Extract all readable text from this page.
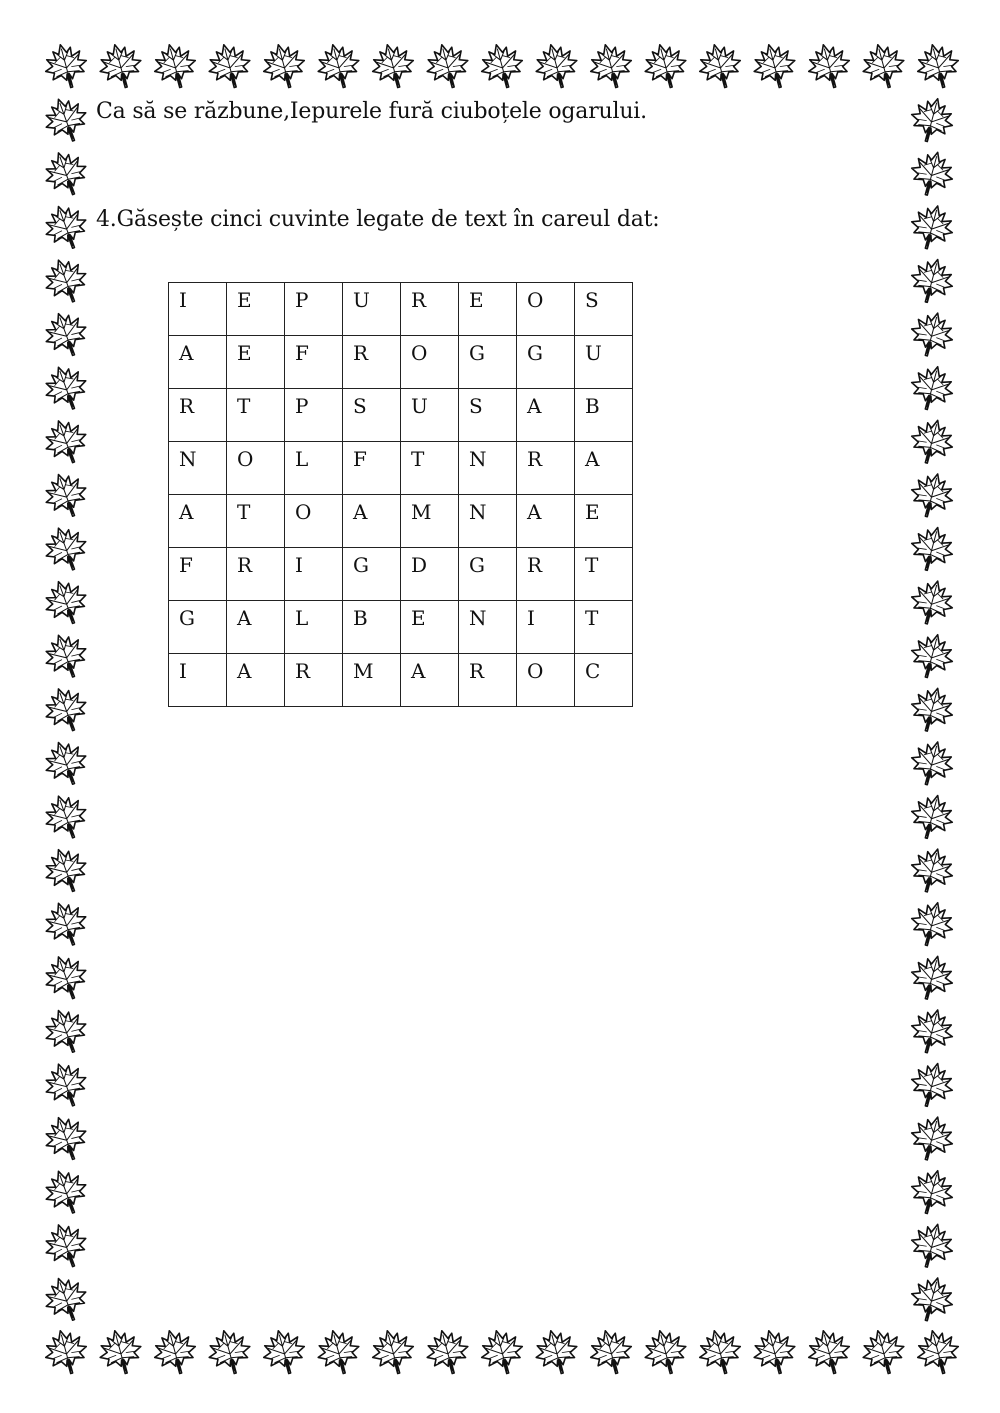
Ca să se răzbune,Iepurele fură ciuboțele ogarului.

4.Găsește cinci cuvinte legate de text în careul dat:

I	E	P	U	R	E	O	S
A	E	F	R	O	G	G	U
R	T	P	S	U	S	A	B
N	O	L	F	T	N	R	A
A	T	O	A	M	N	A	E
F	R	I	G	D	G	R	T
G	A	L	B	E	N	I	T
I	A	R	M	A	R	O	C
